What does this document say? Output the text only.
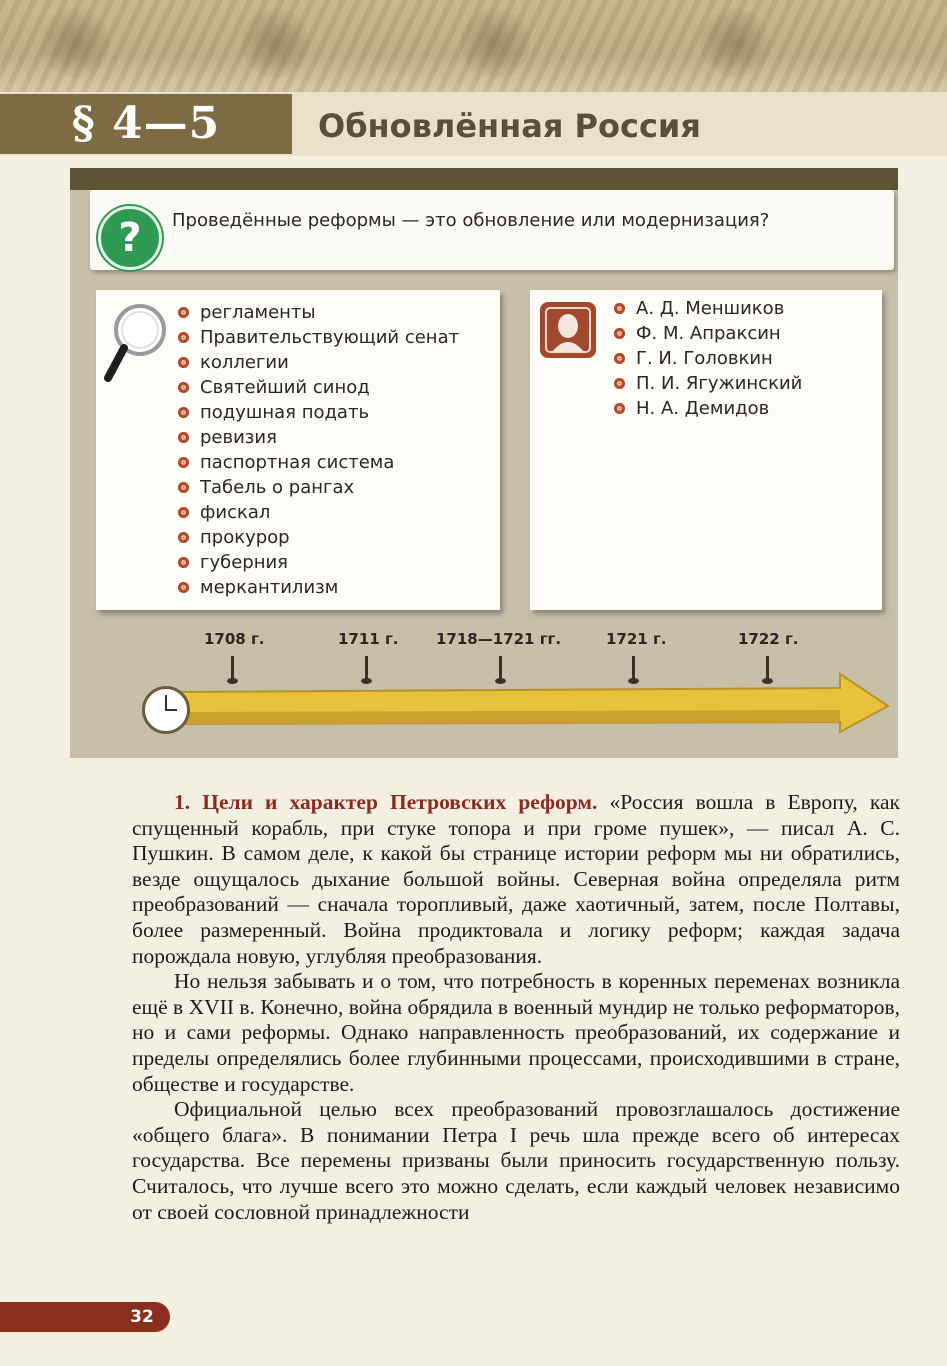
§ 4—5	Обновлённая Россия
?	Проведённые реформы — это обновление или модернизация?
регламенты
Правительствующий сенат
коллегии
Святейший синод
подушная подать
ревизия
паспортная система
Табель о рангах
фискал
прокурор
губерния
меркантилизм
А. Д. Меншиков
Ф. М. Апраксин
Г. И. Головкин
П. И. Ягужинский
Н. А. Демидов
1708 г.	1711 г. 1718—1721 гг.	1721 г.	1722 г.

1. Цели и характер Петровских реформ. «Россия вошла в Европу, как спущенный корабль, при стуке топора и при громе пушек», — писал А. С. Пушкин. В самом деле, к какой бы странице истории реформ мы ни обратились, везде ощущалось дыхание большой войны. Северная война определяла ритм преобразований — сначала торопливый, даже хаотичный, затем, после Полтавы, более размеренный. Война продиктовала и логику реформ; каждая задача порождала новую, углубляя преобразования.

Но нельзя забывать и о том, что потребность в коренных переменах возникла ещё в XVII в. Конечно, война обрядила в военный мундир не только реформаторов, но и сами реформы. Однако направленность преобразований, их содержание и пределы определялись более глубинными процессами, происходившими в стране, обществе и государстве.

Официальной целью всех преобразований провозглашалось достижение «общего блага». В понимании Петра I речь шла прежде всего об интересах государства. Все перемены призваны были приносить государственную пользу. Считалось, что лучше всего это можно сделать, если каждый человек независимо от своей сословной принадлежности

32
